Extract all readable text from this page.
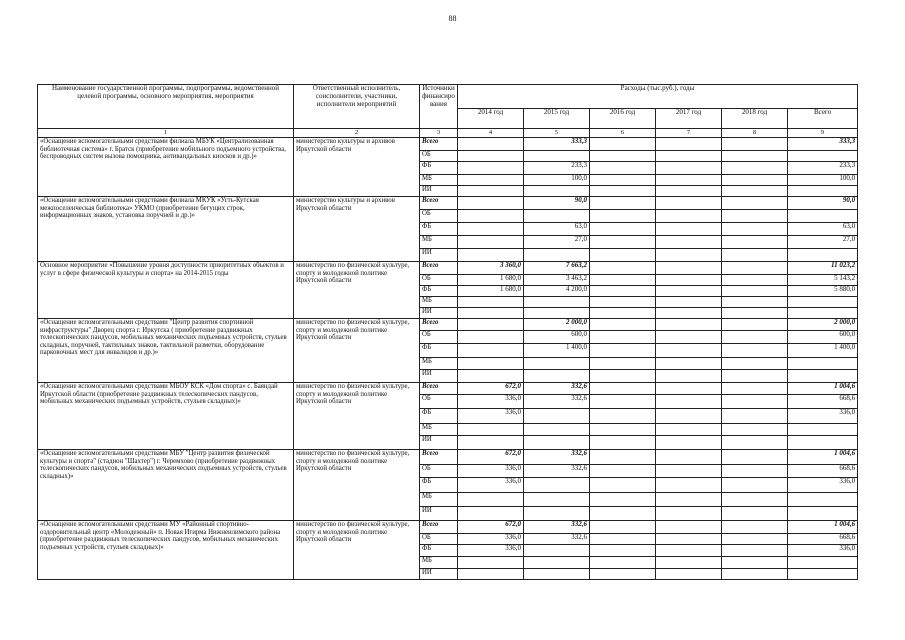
88
Наименование государственной программы, подпрограммы, ведомственной целевой программы, основного мероприятия, мероприятия	Ответственный исполнитель, соисполнители, участники, исполнители мероприятий	Источники финансиро вания	Расходы (тыс.руб.), годы					
			2014 год	2015 год	2016 год	2017 год	2018 год	Всего
1	2	3	4	5	6	7	8	9
«Оснащение вспомогательными средствами филиала МБУК «Централизованная библиотечная система» г. Братск (приобретение мобильного подъемного устройства, беспроводных систем вызова помощника, антивандальных киосков и др.)»	министерство культуры и архивов Иркутской области	Всего		333,3				333,3
		ОБ						
		ФБ		233,3				233,3
		МБ		100,0				100,0
		ИИ						
«Оснащение вспомогательными средствами филиала МКУК «Усть-Кутская межпоселенческая библиотека» УКМО (приобретение бегущих строк, информационных знаков, установка поручней и др.)»	министерство культуры и архивов Иркутской области	Всего		90,0				90,0
		ОБ						
		ФБ		63,0				63,0
		МБ		27,0				27,0
		ИИ						
Основное мероприятие «Повышение уровня доступности приоритетных объектов и услуг в сфере физической культуры и спорта» на 2014-2015 годы	министерство по физической культуре, спорту и молодежной политике Иркутской области	Всего	3 360,0	7 663,2				11 023,2
		ОБ	1 680,0	3 463,2				5 143,2
		ФБ	1 680,0	4 200,0				5 880,0
		МБ						
		ИИ						
«Оснащение вспомогательными средствами "Центр развития спортивной инфраструктуры" Дворец спорта г. Иркутска ( приобретение раздвижных телескопических пандусов, мобильных механических подъемных устройств, стульев складных, поручней, тактильных знаков, тактильной разметки, оборудование парковочных мест для инвалидов и др.)»	министерство по физической культуре, спорту и молодежной политике Иркутской области	Всего		2 000,0				2 000,0
		ОБ		600,0				600,0
		ФБ		1 400,0				1 400,0
		МБ						
		ИИ						
«Оснащение вспомогательными средствами МБОУ КСК «Дом спорта» с. Баяндай Иркутской области (приобретение раздвижных телескопических пандусов, мобильных механических подъемных устройств, стульев складных)»	министерство по физической культуре, спорту и молодежной политике Иркутской области	Всего	672,0	332,6				1 004,6
		ОБ	336,0	332,6				668,6
		ФБ	336,0					336,0
		МБ						
		ИИ						
«Оснащение вспомогательными средствами МБУ "Центр развития физической культуры и спорта" (стадион "Шахтер") г. Черемхово (приобретение раздвижных телескопических пандусов, мобильных механических подъемных устройств, стульев складных)»	министерство по физической культуре, спорту и молодежной политике Иркутской области	Всего	672,0	332,6				1 004,6
		ОБ	336,0	332,6				668,6
		ФБ	336,0					336,0
		МБ						
		ИИ						
«Оснащение вспомогательными средствами МУ «Районный спортивно-оздоровительный центр «Молодежный» п. Новая Игирма Нижнеилимского района (приобретение раздвижных телескопических пандусов, мобильных механических подъемных устройств, стульев складных)»	министерство по физической культуре, спорту и молодежной политике Иркутской области	Всего	672,0	332,6				1 004,6
		ОБ	336,0	332,6				668,6
		ФБ	336,0					336,0
		МБ						
		ИИ						
